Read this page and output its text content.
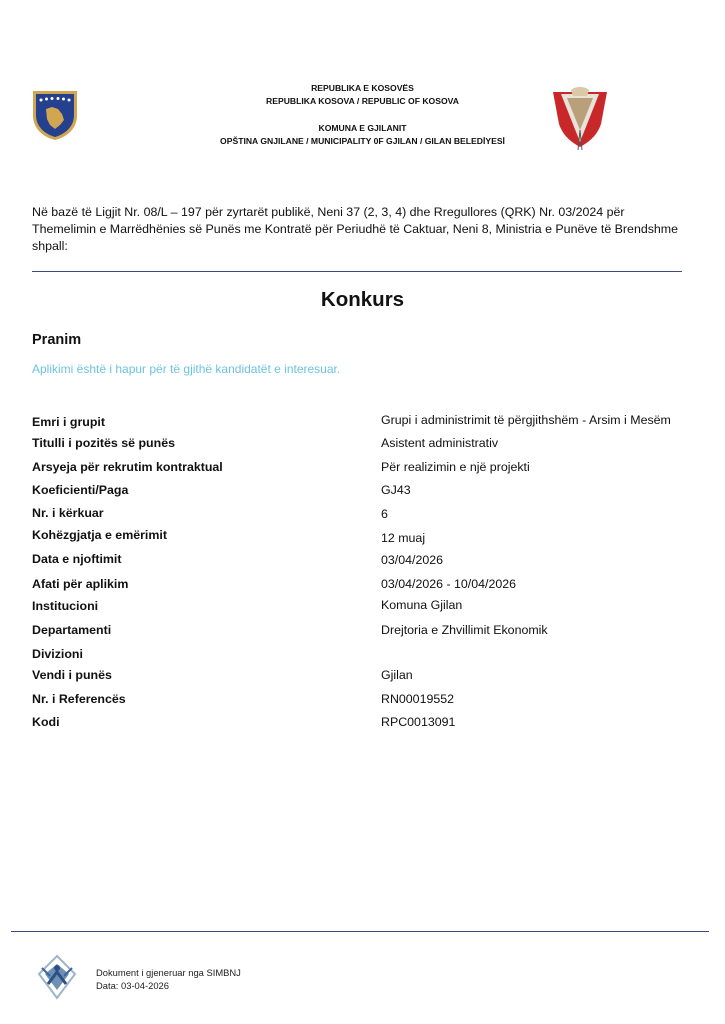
REPUBLIKA E KOSOVËS
REPUBLIKA KOSOVA / REPUBLIC OF KOSOVA
KOMUNA E GJILANIT
OPŠTINA GNJILANE / MUNICIPALITY 0F GJILAN / GILAN BELEDİYESİ
Në bazë të Ligjit Nr. 08/L – 197 për zyrtarët publikë, Neni 37 (2, 3, 4) dhe Rregullores (QRK) Nr. 03/2024 për Themelimin e Marrëdhënies së Punës me Kontratë për Periudhë të Caktuar, Neni 8, Ministria e Punëve të Brendshme shpall:
Konkurs
Pranim
Aplikimi është i hapur për të gjithë kandidatët e interesuar.
Emri i grupit	Grupi i administrimit të përgjithshëm - Arsim i Mesëm
Titulli i pozitës së punës	Asistent administrativ
Arsyeja për rekrutim kontraktual	Për realizimin e një projekti
Koeficienti/Paga	GJ43
Nr. i kërkuar	6
Kohëzgjatja e emërimit	12 muaj
Data e njoftimit	03/04/2026
Afati për aplikim	03/04/2026 - 10/04/2026
Institucioni	Komuna Gjilan
Departamenti	Drejtoria e Zhvillimit Ekonomik
Divizioni
Vendi i punës	Gjilan
Nr. i Referencës	RN00019552
Kodi	RPC0013091
Dokument i gjeneruar nga SIMBNJ
Data: 03-04-2026
